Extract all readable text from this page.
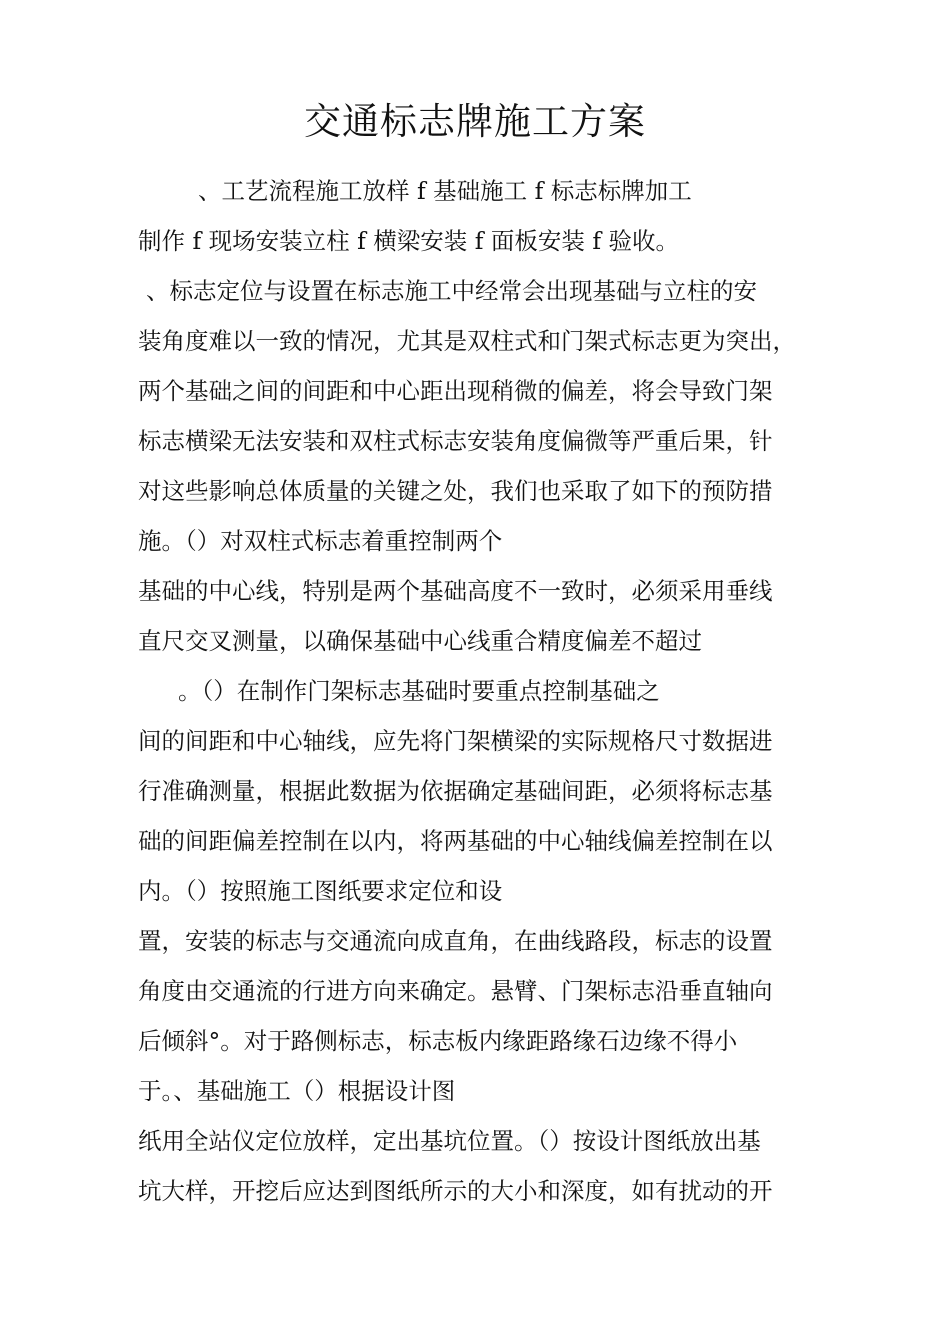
交通标志牌施工方案
、工艺流程施工放样 f 基础施工 f 标志标牌加工
制作 f 现场安装立柱 f 横梁安装 f 面板安装 f 验收。
、标志定位与设置在标志施工中经常会出现基础与立柱的安
装角度难以一致的情况，尤其是双柱式和门架式标志更为突出，
两个基础之间的间距和中心距出现稍微的偏差，将会导致门架
标志横梁无法安装和双柱式标志安装角度偏微等严重后果，针
对这些影响总体质量的关键之处，我们也采取了如下的预防措
施。（）对双柱式标志着重控制两个
基础的中心线，特别是两个基础高度不一致时，必须采用垂线
直尺交叉测量，以确保基础中心线重合精度偏差不超过
。（）在制作门架标志基础时要重点控制基础之
间的间距和中心轴线，应先将门架横梁的实际规格尺寸数据进
行准确测量，根据此数据为依据确定基础间距，必须将标志基
础的间距偏差控制在以内，将两基础的中心轴线偏差控制在以
内。（）按照施工图纸要求定位和设
置，安装的标志与交通流向成直角，在曲线路段，标志的设置
角度由交通流的行进方向来确定。悬臂、门架标志沿垂直轴向
后倾斜°。对于路侧标志，标志板内缘距路缘石边缘不得小
于。、基础施工（）根据设计图
纸用全站仪定位放样，定出基坑位置。（）按设计图纸放出基
坑大样，开挖后应达到图纸所示的大小和深度，如有扰动的开
